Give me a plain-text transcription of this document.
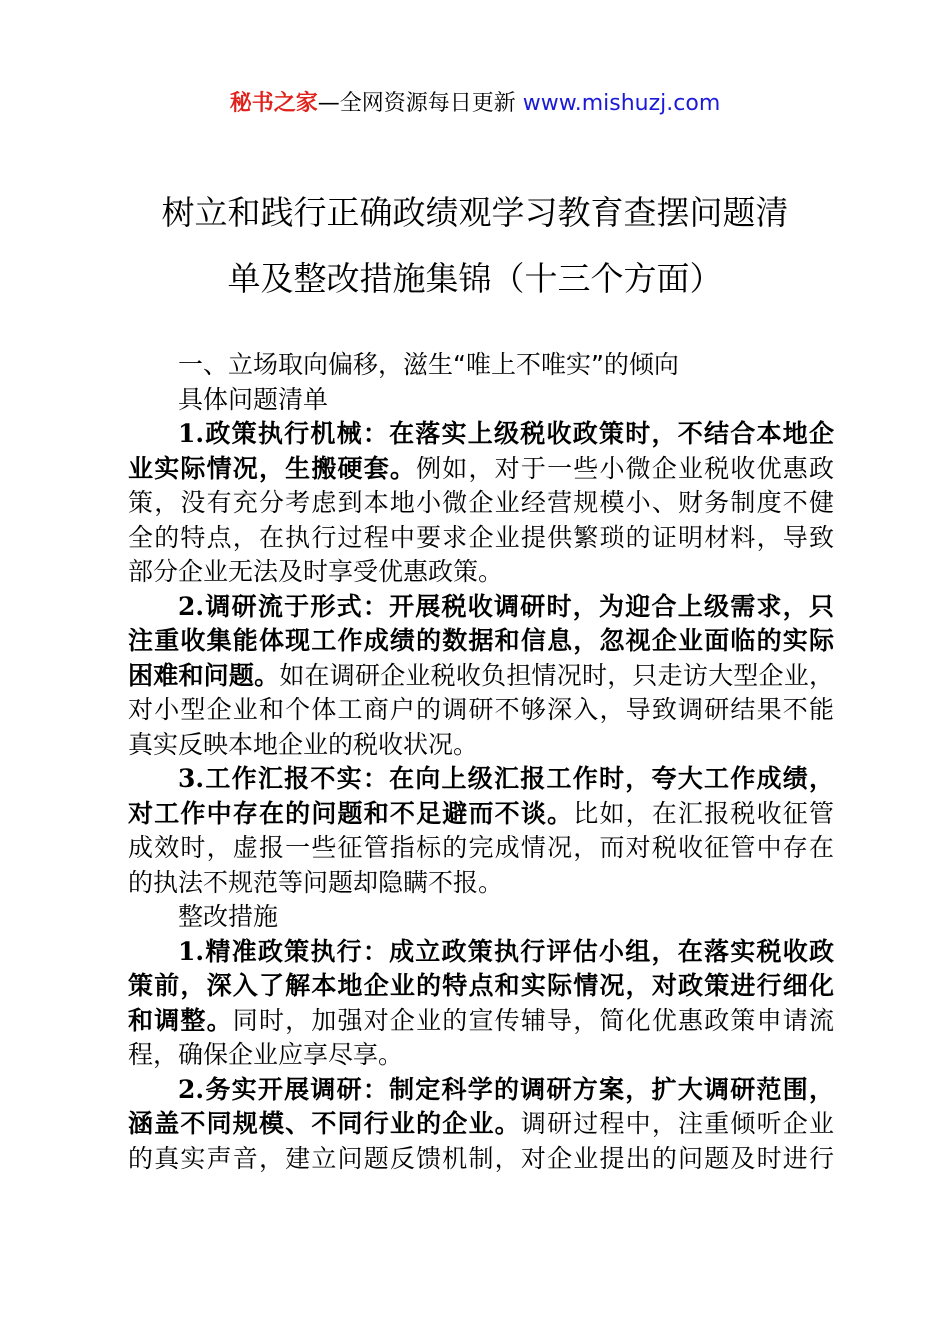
秘书之家—全网资源每日更新 www.mishuzj.com
树立和践行正确政绩观学习教育查摆问题清
单及整改措施集锦（十三个方面）

一、立场取向偏移，滋生“唯上不唯实”的倾向

具体问题清单

1.政策执行机械：在落实上级税收政策时，不结合本地企
业实际情况，生搬硬套。例如，对于一些小微企业税收优惠政
策，没有充分考虑到本地小微企业经营规模小、财务制度不健
全的特点，在执行过程中要求企业提供繁琐的证明材料，导致
部分企业无法及时享受优惠政策。

2.调研流于形式：开展税收调研时，为迎合上级需求，只
注重收集能体现工作成绩的数据和信息，忽视企业面临的实际
困难和问题。如在调研企业税收负担情况时，只走访大型企业，
对小型企业和个体工商户的调研不够深入，导致调研结果不能
真实反映本地企业的税收状况。

3.工作汇报不实：在向上级汇报工作时，夸大工作成绩，
对工作中存在的问题和不足避而不谈。比如，在汇报税收征管
成效时，虚报一些征管指标的完成情况，而对税收征管中存在
的执法不规范等问题却隐瞒不报。

整改措施

1.精准政策执行：成立政策执行评估小组，在落实税收政
策前，深入了解本地企业的特点和实际情况，对政策进行细化
和调整。同时，加强对企业的宣传辅导，简化优惠政策申请流
程，确保企业应享尽享。

2.务实开展调研：制定科学的调研方案，扩大调研范围，
涵盖不同规模、不同行业的企业。调研过程中，注重倾听企业
的真实声音，建立问题反馈机制，对企业提出的问题及时进行
